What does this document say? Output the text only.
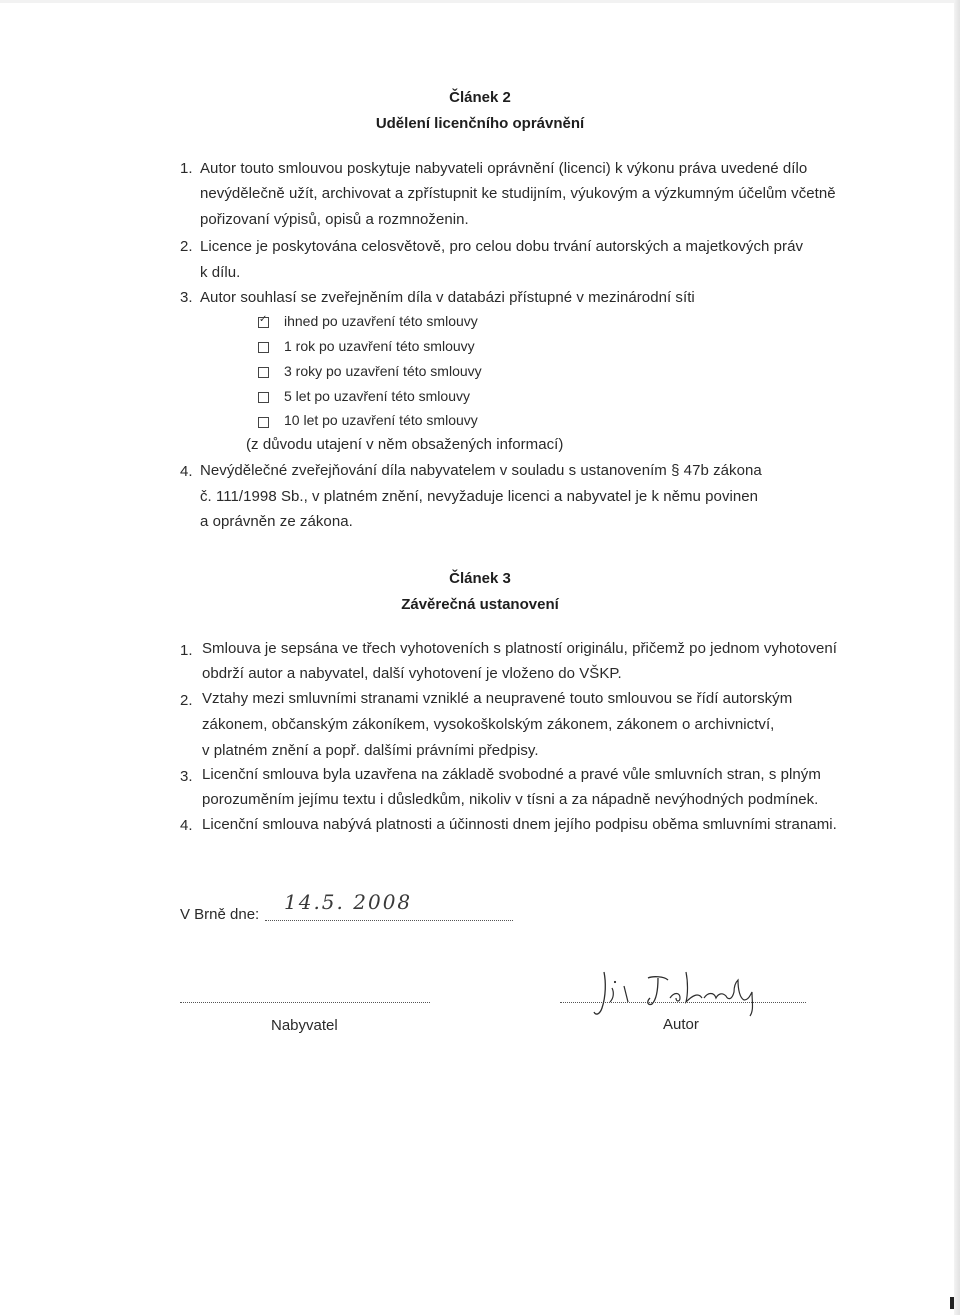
Článek 2
Udělení licenčního oprávnění
1. Autor touto smlouvou poskytuje nabyvateli oprávnění (licenci) k výkonu práva uvedené dílo
nevýdělečně užít, archivovat a zpřístupnit ke studijním, výukovým a výzkumným účelům včetně
pořizovaní výpisů, opisů a rozmnoženin.
2. Licence je poskytována celosvětově, pro celou dobu trvání autorských a majetkových práv
k dílu.
3. Autor souhlasí se zveřejněním díla v databázi přístupné v mezinárodní síti
✓
ihned po uzavření této smlouvy
1 rok po uzavření této smlouvy
3 roky po uzavření této smlouvy
5 let po uzavření této smlouvy
10 let po uzavření této smlouvy
(z důvodu utajení v něm obsažených informací)
4. Nevýdělečné zveřejňování díla nabyvatelem v souladu s ustanovením § 47b zákona
č. 111/1998 Sb., v platném znění, nevyžaduje licenci a nabyvatel je k němu povinen
a oprávněn ze zákona.
Článek 3
Závěrečná ustanovení
1. Smlouva je sepsána ve třech vyhotoveních s platností originálu, přičemž po jednom vyhotovení
obdrží autor a nabyvatel, další vyhotovení je vloženo do VŠKP.
2. Vztahy mezi smluvními stranami vzniklé a neupravené touto smlouvou se řídí autorským
zákonem, občanským zákoníkem, vysokoškolským zákonem, zákonem o archivnictví,
v platném znění a popř. dalšími právními předpisy.
3. Licenční smlouva byla uzavřena na základě svobodné a pravé vůle smluvních stran, s plným
porozuměním jejímu textu i důsledkům, nikoliv v tísni a za nápadně nevýhodných podmínek.
4. Licenční smlouva nabývá platnosti a účinnosti dnem jejího podpisu oběma smluvními stranami.
V Brně dne:
14.5. 2008
Nabyvatel	Autor
